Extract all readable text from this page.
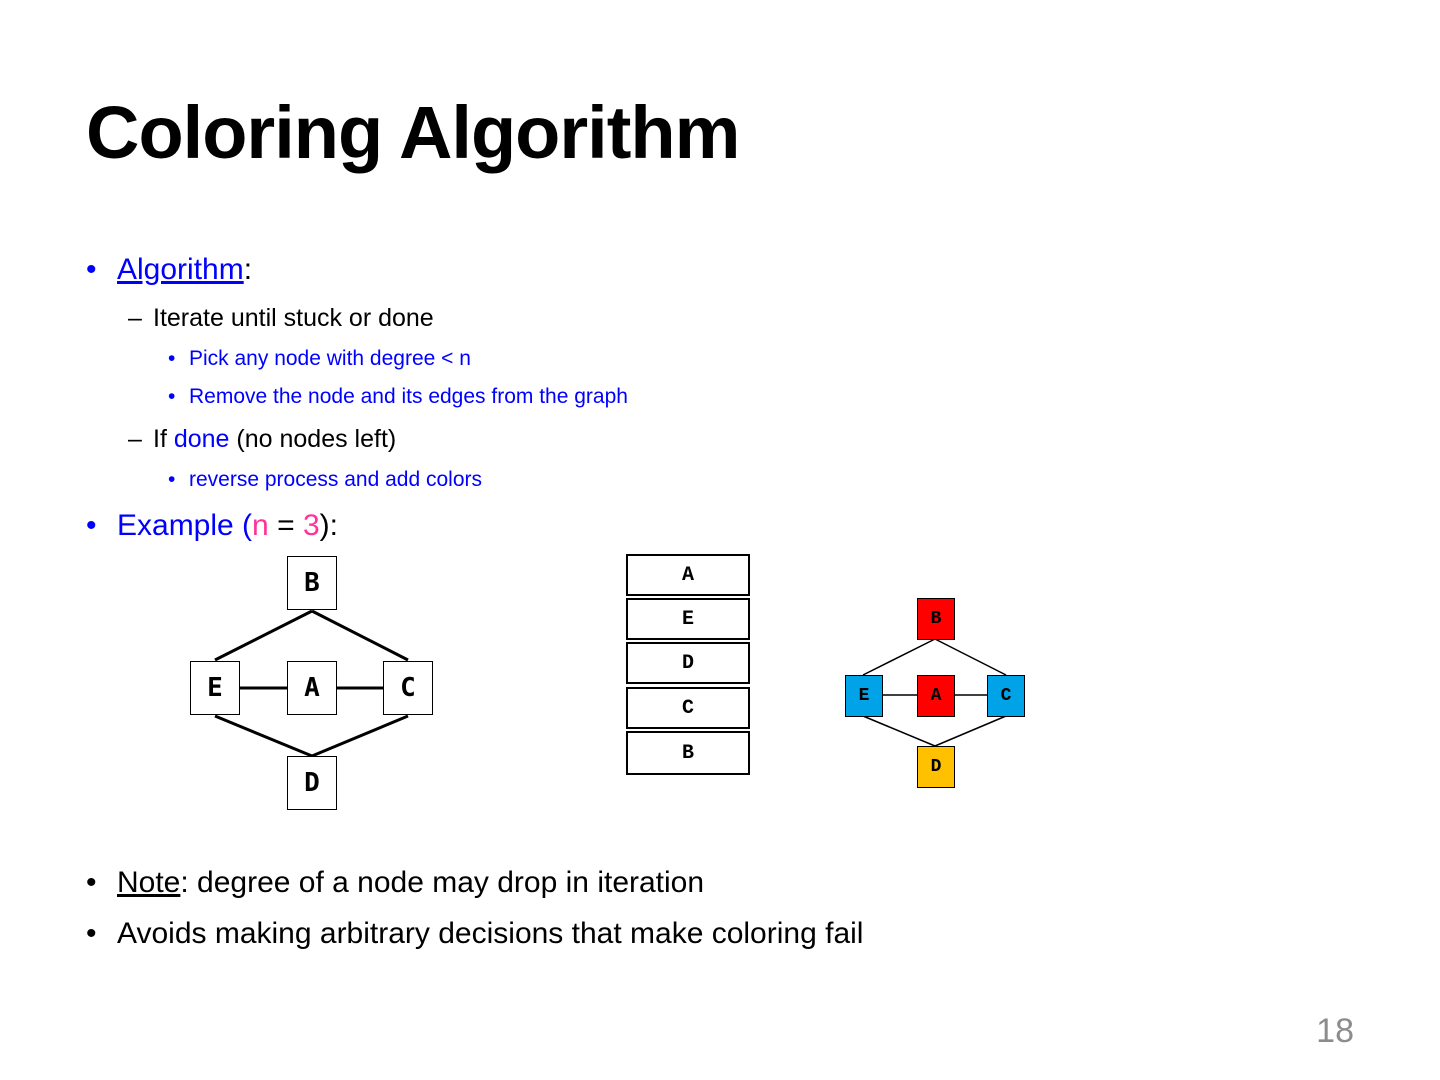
Coloring Algorithm
• Algorithm:
– Iterate until stuck or done
• Pick any node with degree < n
• Remove the node and its edges from the graph
– If done (no nodes left)
• reverse process and add colors
• Example (n = 3):
B
E	A	C
D
A
E
D
C
B
B
E	A	C
D
• Note: degree of a node may drop in iteration
• Avoids making arbitrary decisions that make coloring fail
18
